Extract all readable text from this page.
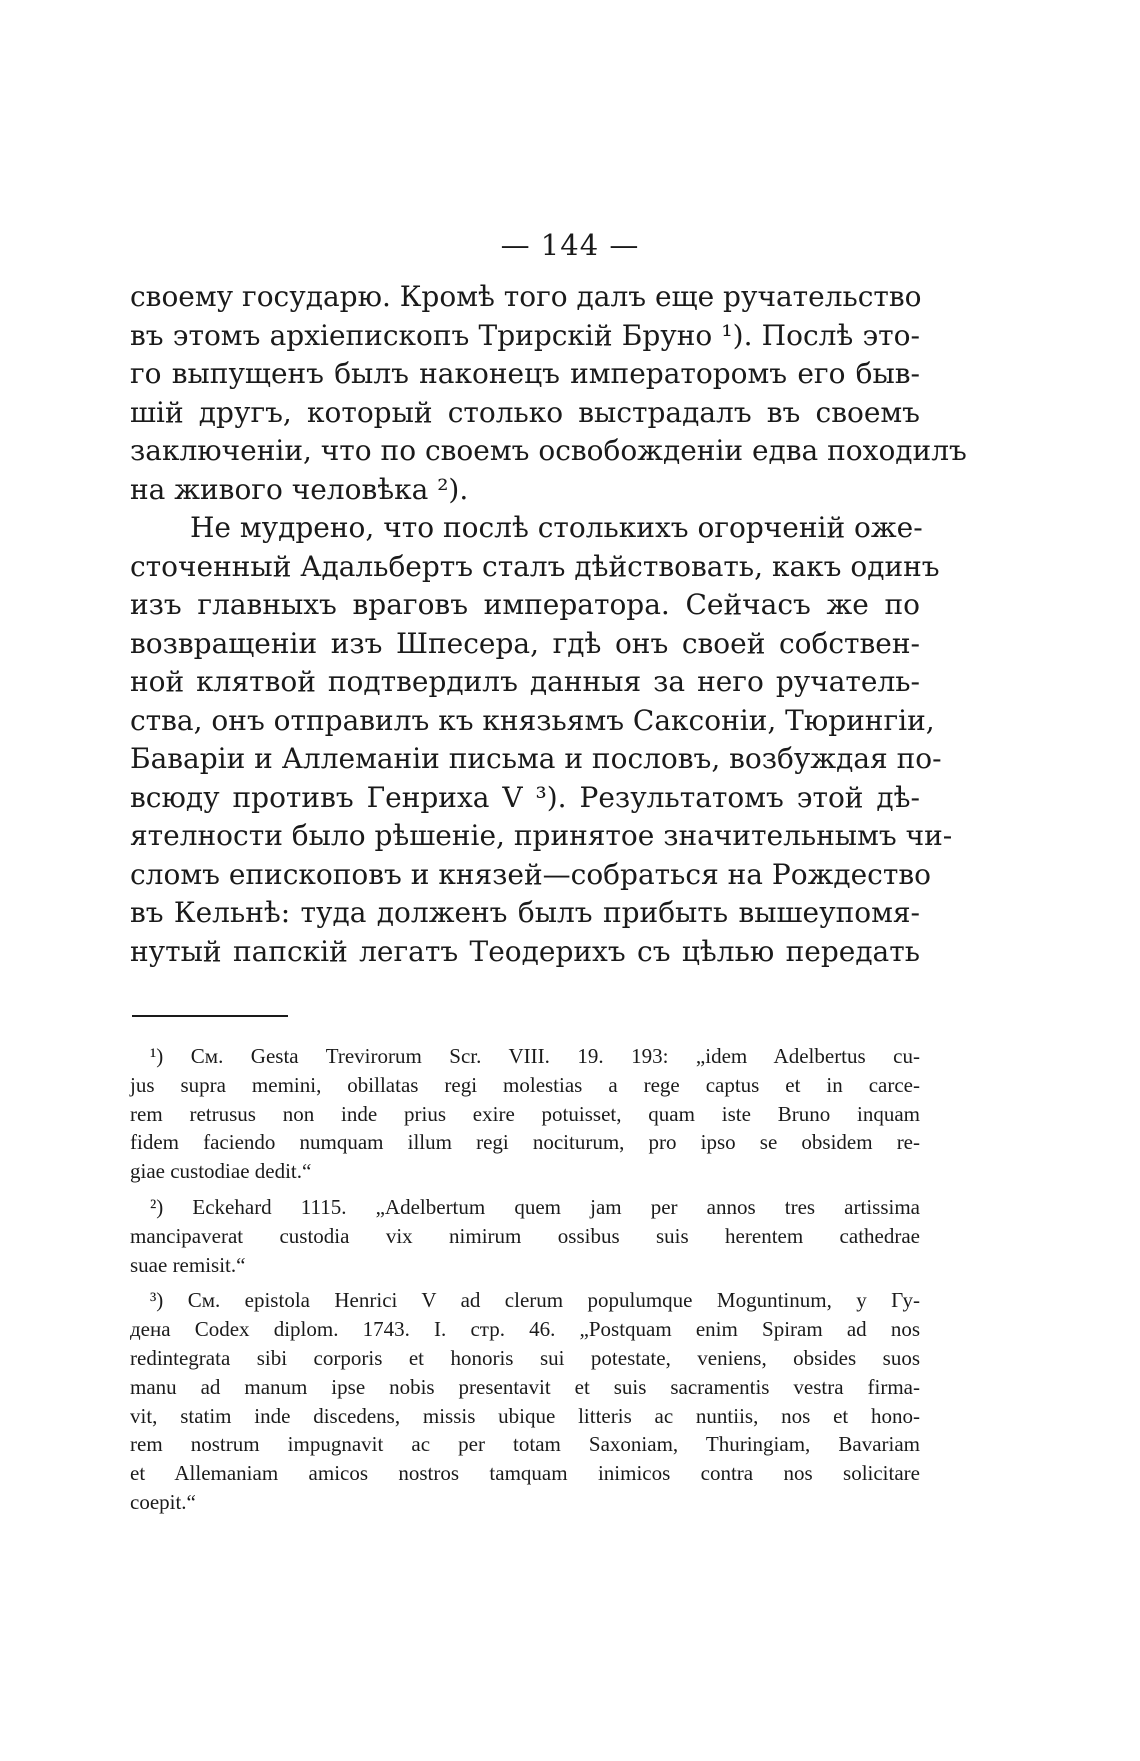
— 144 —

своему государю. Кромѣ того далъ еще ручательство
въ этомъ архіепископъ Трирскій Бруно ¹). Послѣ это-
го выпущенъ былъ наконецъ императоромъ его быв-
шій другъ, который столько выстрадалъ въ своемъ
заключеніи, что по своемъ освобожденіи едва походилъ
на живого человѣка ²).

Не мудрено, что послѣ столькихъ огорченій оже-
сточенный Адальбертъ сталъ дѣйствовать, какъ одинъ
изъ главныхъ враговъ императора. Сейчасъ же по
возвращеніи изъ Шпесера, гдѣ онъ своей собствен-
ной клятвой подтвердилъ данныя за него ручатель-
ства, онъ отправилъ къ князьямъ Саксоніи, Тюрингіи,
Баваріи и Аллеманіи письма и пословъ, возбуждая по-
всюду противъ Генриха V ³). Результатомъ этой дѣ-
ятелности было рѣшеніе, принятое значительнымъ чи-
сломъ епископовъ и князей—собраться на Рождество
въ Кельнѣ: туда долженъ былъ прибыть вышеупомя-
нутый папскій легатъ Теодерихъ съ цѣлью передать

¹) См. Gesta Trevirorum Scr. VIII. 19. 193: „idem Adelbertus cu-
jus supra memini, obillatas regi molestias a rege captus et in carce-
rem retrusus non inde prius exire potuisset, quam iste Bruno inquam
fidem faciendo numquam illum regi nociturum, pro ipso se obsidem re-
giae custodiae dedit.“
²) Eckehard 1115. „Adelbertum quem jam per annos tres artissima
mancipaverat custodia vix nimirum ossibus suis herentem cathedrae
suae remisit.“
³) См. epistola Henrici V ad clerum populumque Moguntinum, у Гу-
дена Codex diplom. 1743. I. стр. 46. „Postquam enim Spiram ad nos
redintegrata sibi corporis et honoris sui potestate, veniens, obsides suos
manu ad manum ipse nobis presentavit et suis sacramentis vestra firma-
vit, statim inde discedens, missis ubique litteris ac nuntiis, nos et hono-
rem nostrum impugnavit ac per totam Saxoniam, Thuringiam, Bavariam
et Allemaniam amicos nostros tamquam inimicos contra nos solicitare
coepit.“
